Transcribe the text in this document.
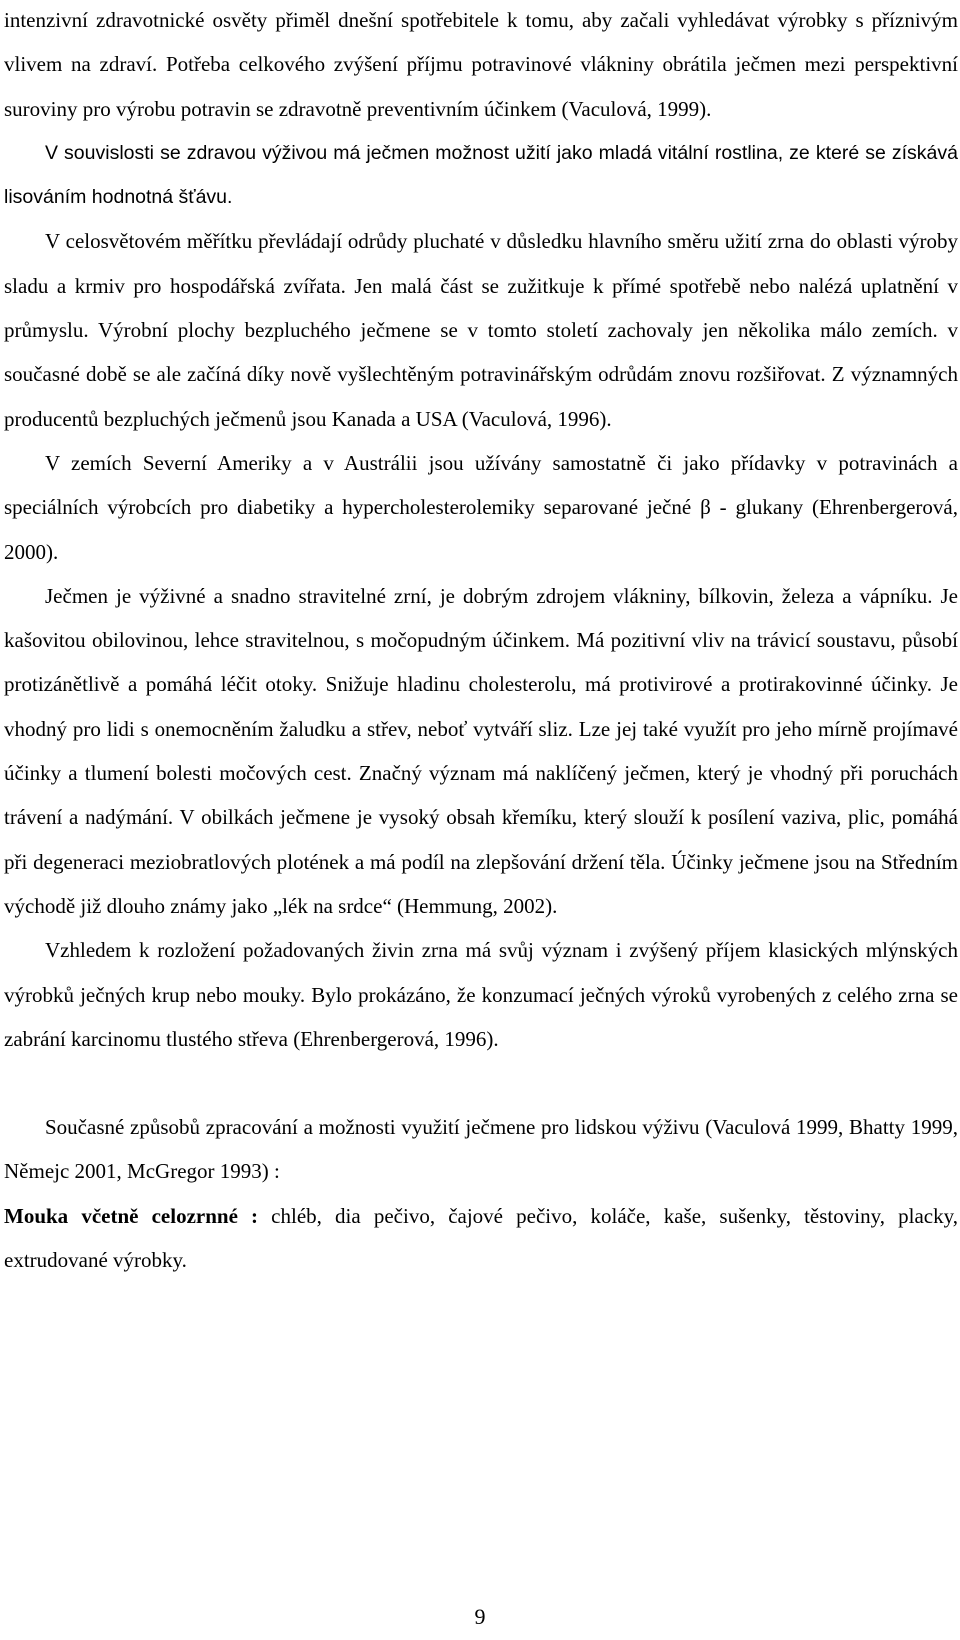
intenzivní zdravotnické osvěty přiměl dnešní spotřebitele k tomu, aby začali vyhledávat výrobky s příznivým vlivem na zdraví. Potřeba celkového zvýšení příjmu potravinové vlákniny obrátila ječmen mezi perspektivní suroviny pro výrobu potravin se zdravotně preventivním účinkem (Vaculová, 1999).

V souvislosti se zdravou výživou má ječmen možnost užití jako mladá vitální rostlina, ze které se získává lisováním hodnotná šťávu.

V celosvětovém měřítku převládají odrůdy pluchaté v důsledku hlavního směru užití zrna do oblasti výroby sladu a krmiv pro hospodářská zvířata. Jen malá část se zužitkuje k přímé spotřebě nebo nalézá uplatnění v průmyslu. Výrobní plochy bezpluchého ječmene se v tomto století zachovaly jen několika málo zemích. v současné době se ale začíná díky nově vyšlechtěným potravinářským odrůdám znovu rozšiřovat. Z významných producentů bezpluchých ječmenů jsou Kanada a USA (Vaculová, 1996).

V zemích Severní Ameriky a v Austrálii jsou užívány samostatně či jako přídavky v potravinách a speciálních výrobcích pro diabetiky a hypercholesterolemiky separované ječné β - glukany (Ehrenbergerová, 2000).

Ječmen je výživné a snadno stravitelné zrní, je dobrým zdrojem vlákniny, bílkovin, železa a vápníku. Je kašovitou obilovinou, lehce stravitelnou, s močopudným účinkem. Má pozitivní vliv na trávicí soustavu, působí protizánětlivě a pomáhá léčit otoky. Snižuje hladinu cholesterolu, má protivirové a protirakovinné účinky. Je vhodný pro lidi s onemocněním žaludku a střev, neboť vytváří sliz. Lze jej také využít pro jeho mírně projímavé účinky a tlumení bolesti močových cest. Značný význam má naklíčený ječmen, který je vhodný při poruchách trávení a nadýmání. V obilkách ječmene je vysoký obsah křemíku, který slouží k posílení vaziva, plic, pomáhá při degeneraci meziobratlových plotének a má podíl na zlepšování držení těla. Účinky ječmene jsou na Středním východě již dlouho známy jako „lék na srdce“ (Hemmung, 2002).

Vzhledem k rozložení požadovaných živin zrna má svůj význam i zvýšený příjem klasických mlýnských výrobků ječných krup nebo mouky. Bylo prokázáno, že konzumací ječných výroků vyrobených z celého zrna se zabrání karcinomu tlustého střeva (Ehrenbergerová, 1996).

Současné způsobů zpracování a možnosti využití ječmene pro lidskou výživu (Vaculová 1999, Bhatty 1999, Němejc 2001, McGregor 1993) :

Mouka včetně celozrnné : chléb, dia pečivo, čajové pečivo, koláče, kaše, sušenky, těstoviny, placky, extrudované výrobky.

9
